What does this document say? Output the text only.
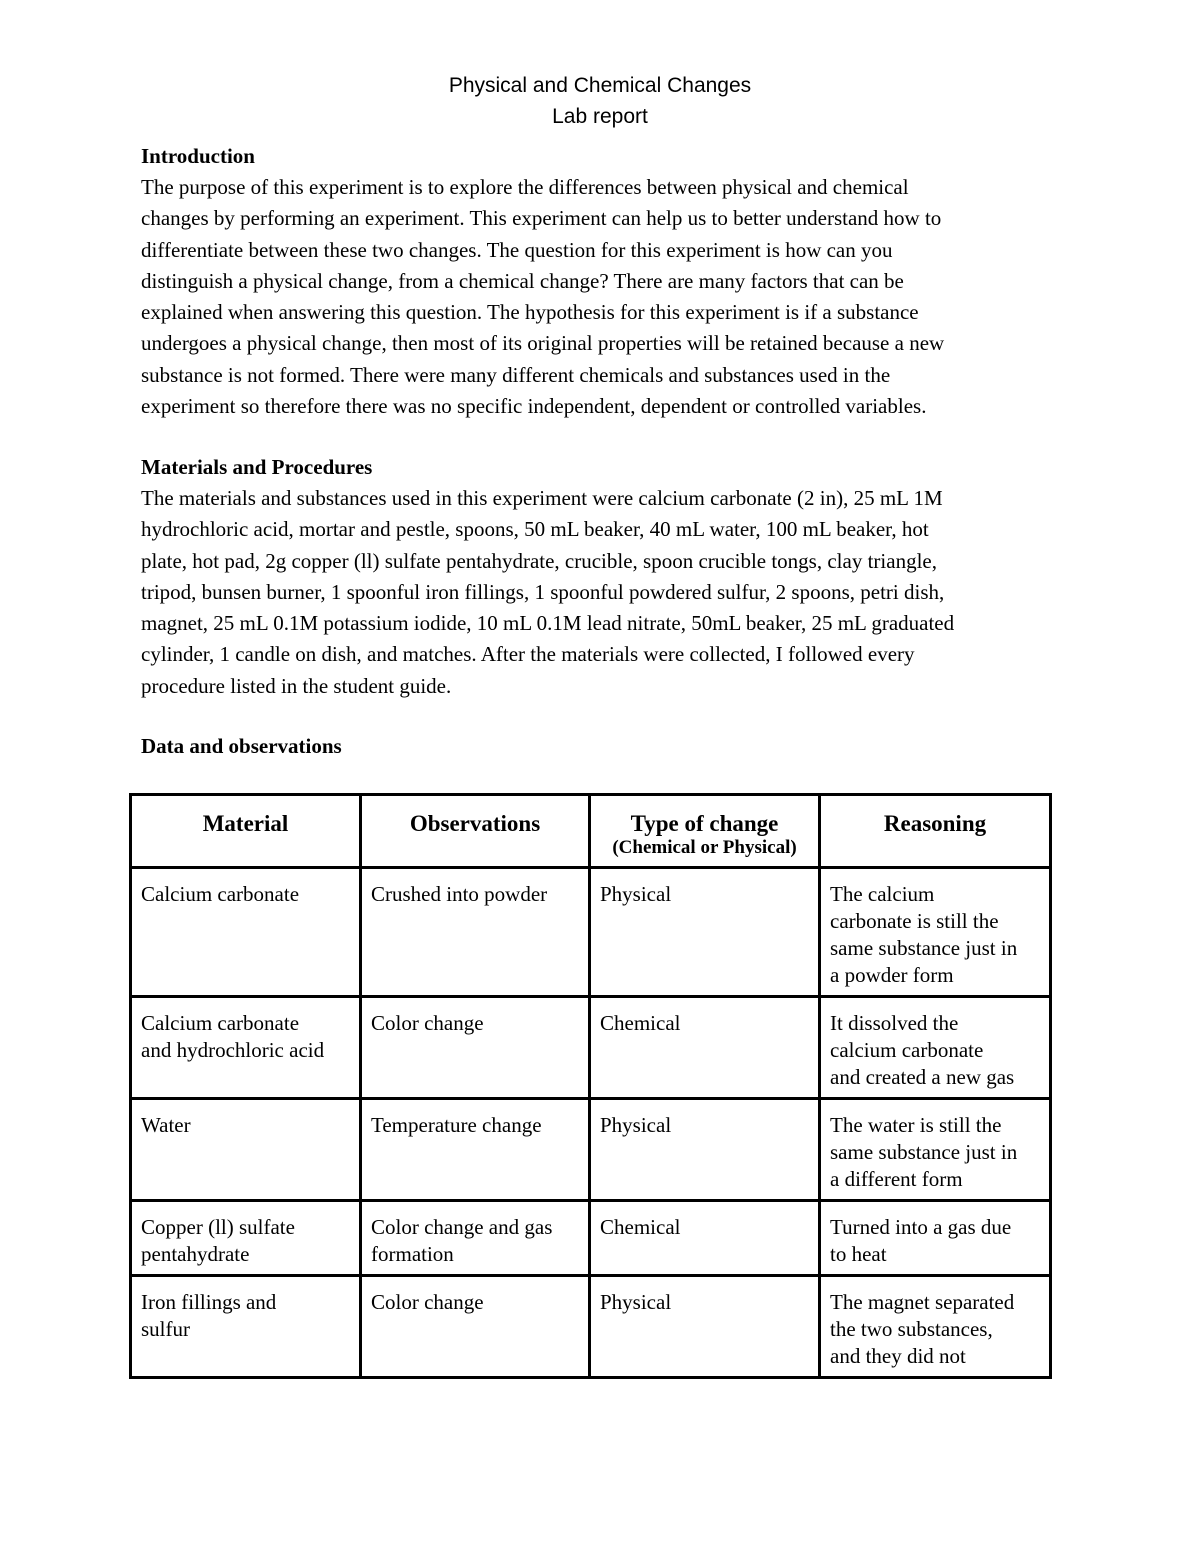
Physical and Chemical Changes
Lab report
Introduction
The purpose of this experiment is to explore the differences between physical and chemical
changes by performing an experiment. This experiment can help us to better understand how to
differentiate between these two changes. The question for this experiment is how can you
distinguish a physical change, from a chemical change? There are many factors that can be
explained when answering this question. The hypothesis for this experiment is if a substance
undergoes a physical change, then most of its original properties will be retained because a new
substance is not formed. There were many different chemicals and substances used in the
experiment so therefore there was no specific independent, dependent or controlled variables.
Materials and Procedures
The materials and substances used in this experiment were calcium carbonate (2 in), 25 mL 1M
hydrochloric acid, mortar and pestle, spoons, 50 mL beaker, 40 mL water, 100 mL beaker, hot
plate, hot pad, 2g copper (ll) sulfate pentahydrate, crucible, spoon crucible tongs, clay triangle,
tripod, bunsen burner, 1 spoonful iron fillings, 1 spoonful powdered sulfur, 2 spoons, petri dish,
magnet, 25 mL 0.1M potassium iodide, 10 mL 0.1M lead nitrate, 50mL beaker, 25 mL graduated
cylinder, 1 candle on dish, and matches. After the materials were collected, I followed every
procedure listed in the student guide.
Data and observations
Material	Observations	Type of change
(Chemical or Physical)	Reasoning

Calcium carbonate	Crushed into powder	Physical	The calcium
carbonate is still the
same substance just in
a powder form

Calcium carbonate
and hydrochloric acid	Color change	Chemical	It dissolved the
calcium carbonate
and created a new gas

Water	Temperature change	Physical	The water is still the
same substance just in
a different form

Copper (ll) sulfate
pentahydrate	Color change and gas
formation	Chemical	Turned into a gas due
to heat

Iron fillings and
sulfur	Color change	Physical	The magnet separated
the two substances,
and they did not
